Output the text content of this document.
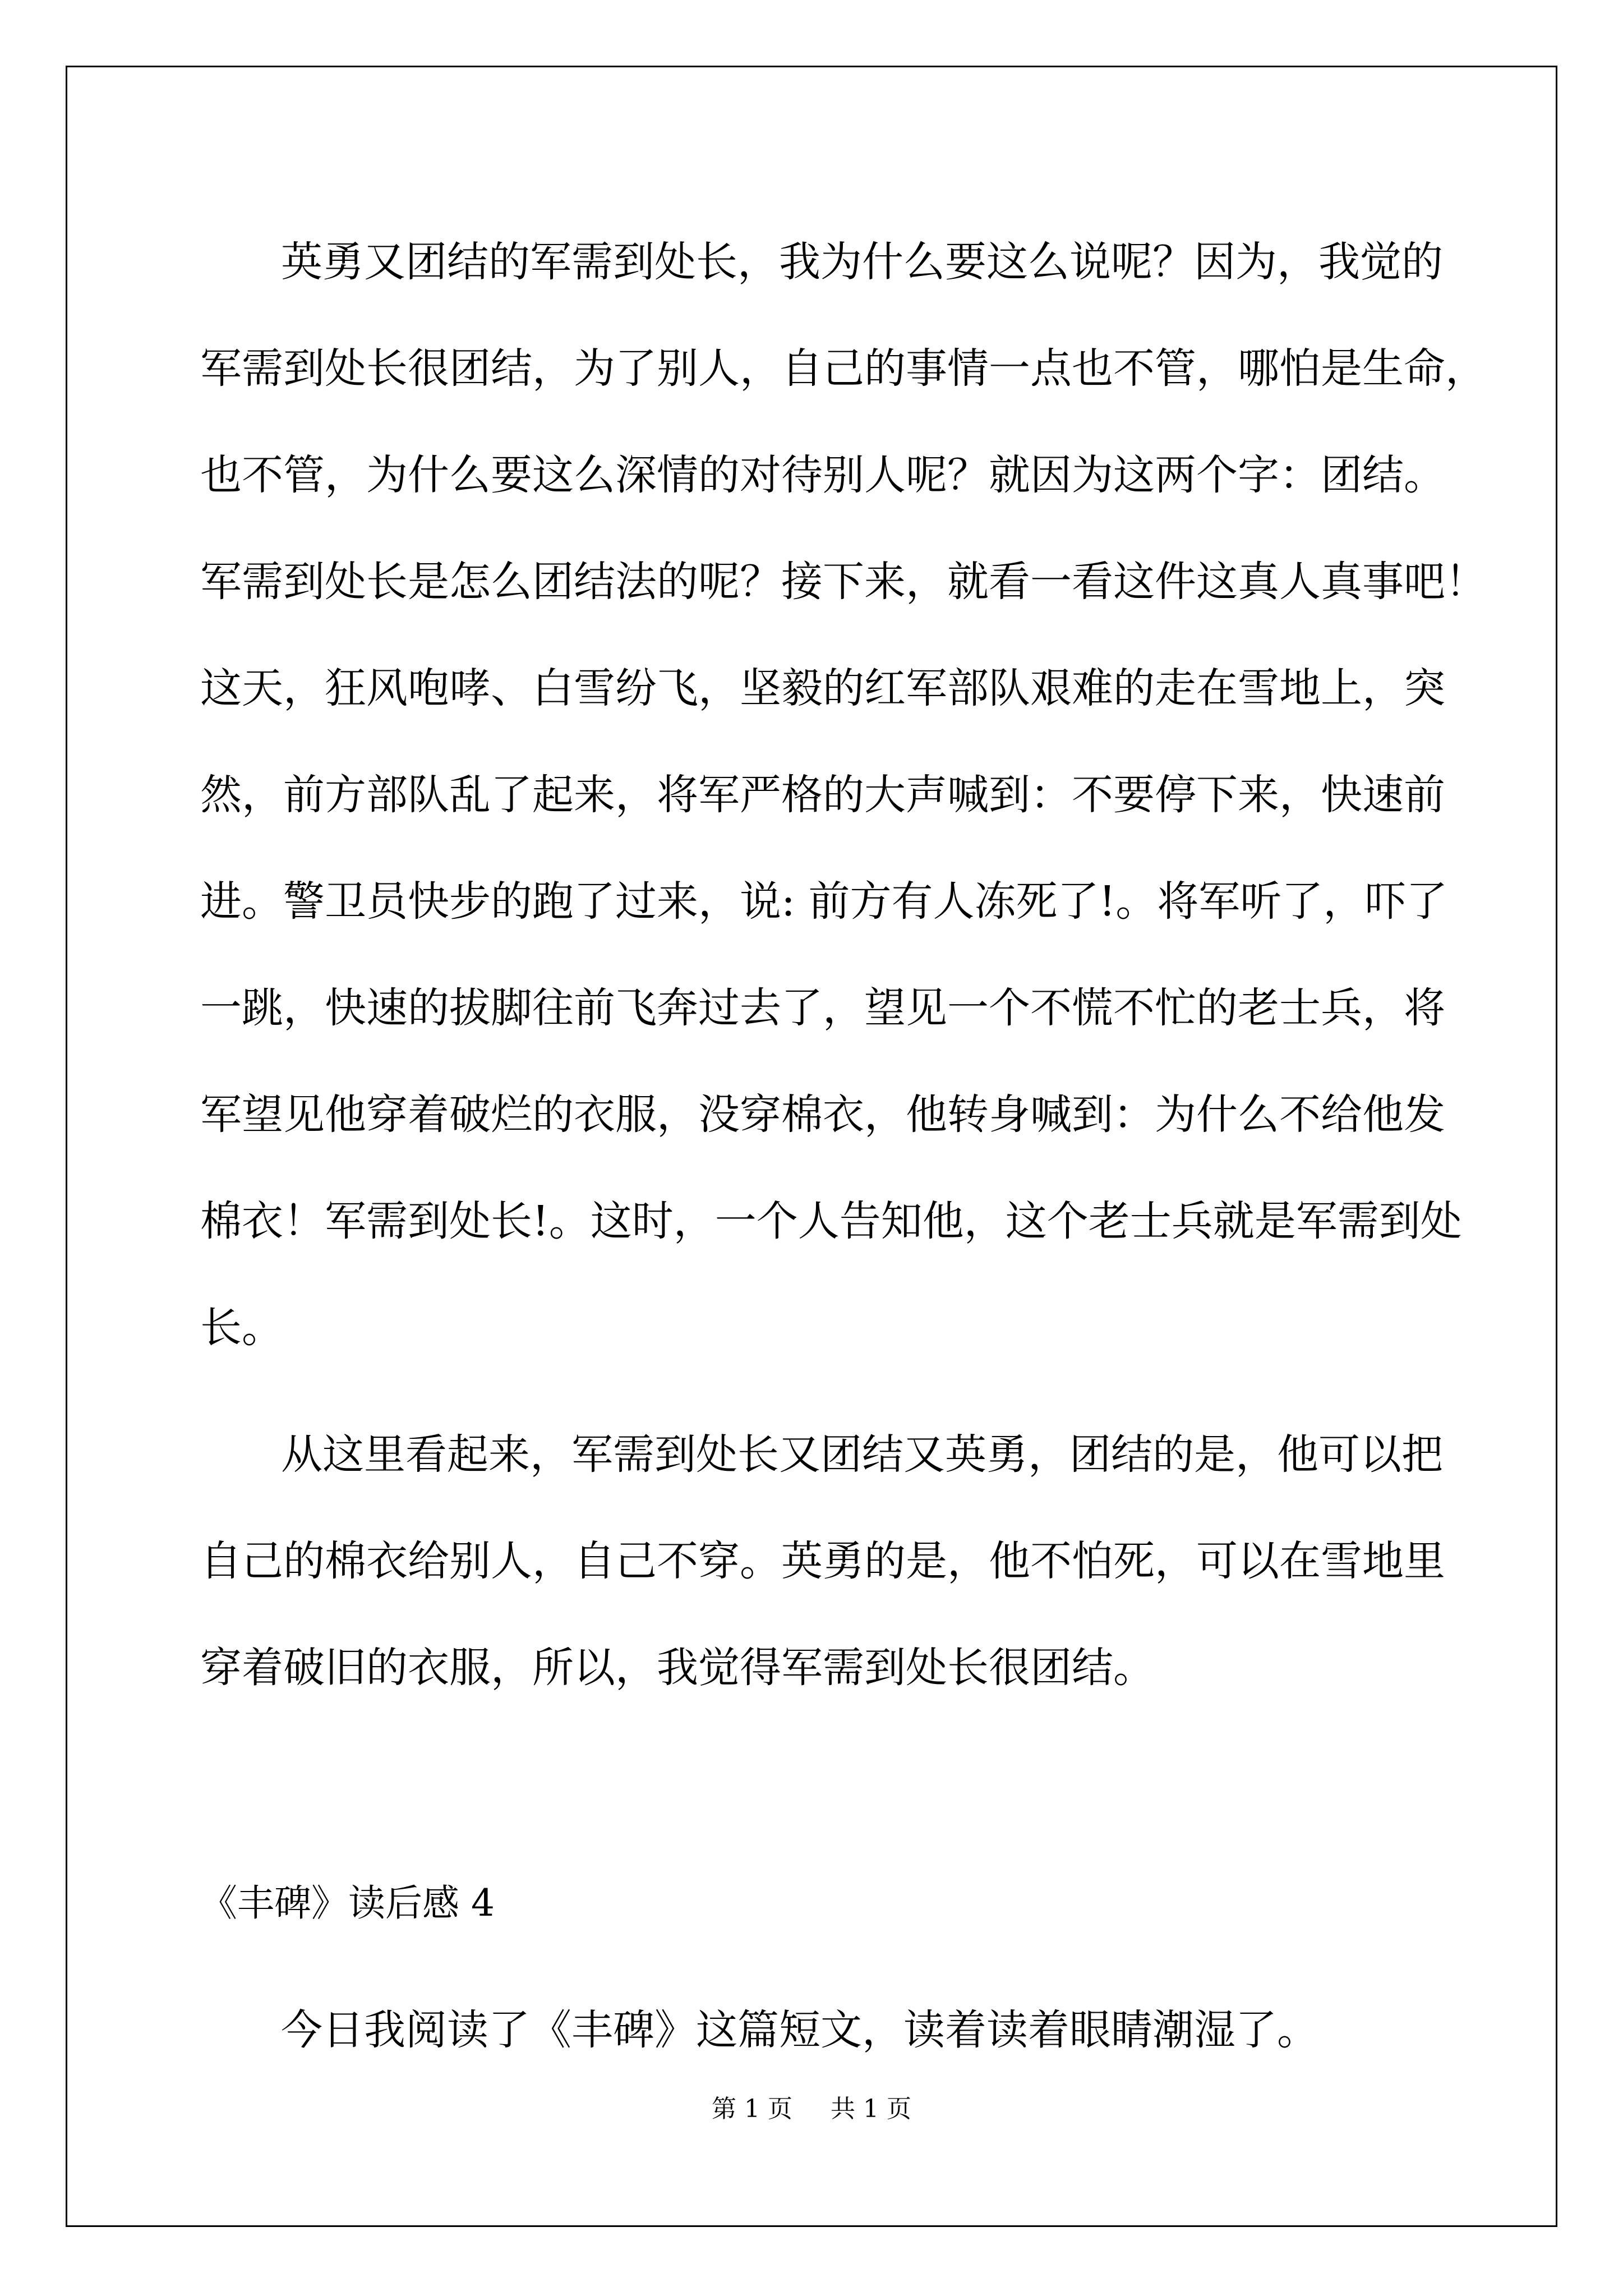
英勇又团结的军需到处长，我为什么要这么说呢？因为，我觉的
军需到处长很团结，为了别人，自己的事情一点也不管，哪怕是生命，
也不管，为什么要这么深情的对待别人呢？就因为这两个字：团结。
军需到处长是怎么团结法的呢？接下来，就看一看这件这真人真事吧！
这天，狂风咆哮、白雪纷飞，坚毅的红军部队艰难的走在雪地上，突
然，前方部队乱了起来，将军严格的大声喊到：不要停下来，快速前
进。警卫员快步的跑了过来，说: 前方有人冻死了!。将军听了，吓了
一跳，快速的拔脚往前飞奔过去了，望见一个不慌不忙的老士兵，将
军望见他穿着破烂的衣服，没穿棉衣，他转身喊到：为什么不给他发
棉衣！军需到处长!。这时，一个人告知他，这个老士兵就是军需到处
长。
从这里看起来，军需到处长又团结又英勇，团结的是，他可以把
自己的棉衣给别人，自己不穿。英勇的是，他不怕死，可以在雪地里
穿着破旧的衣服，所以，我觉得军需到处长很团结。
《丰碑》读后感 4
今日我阅读了《丰碑》这篇短文，读着读着眼睛潮湿了。
第 1 页 共 1 页
